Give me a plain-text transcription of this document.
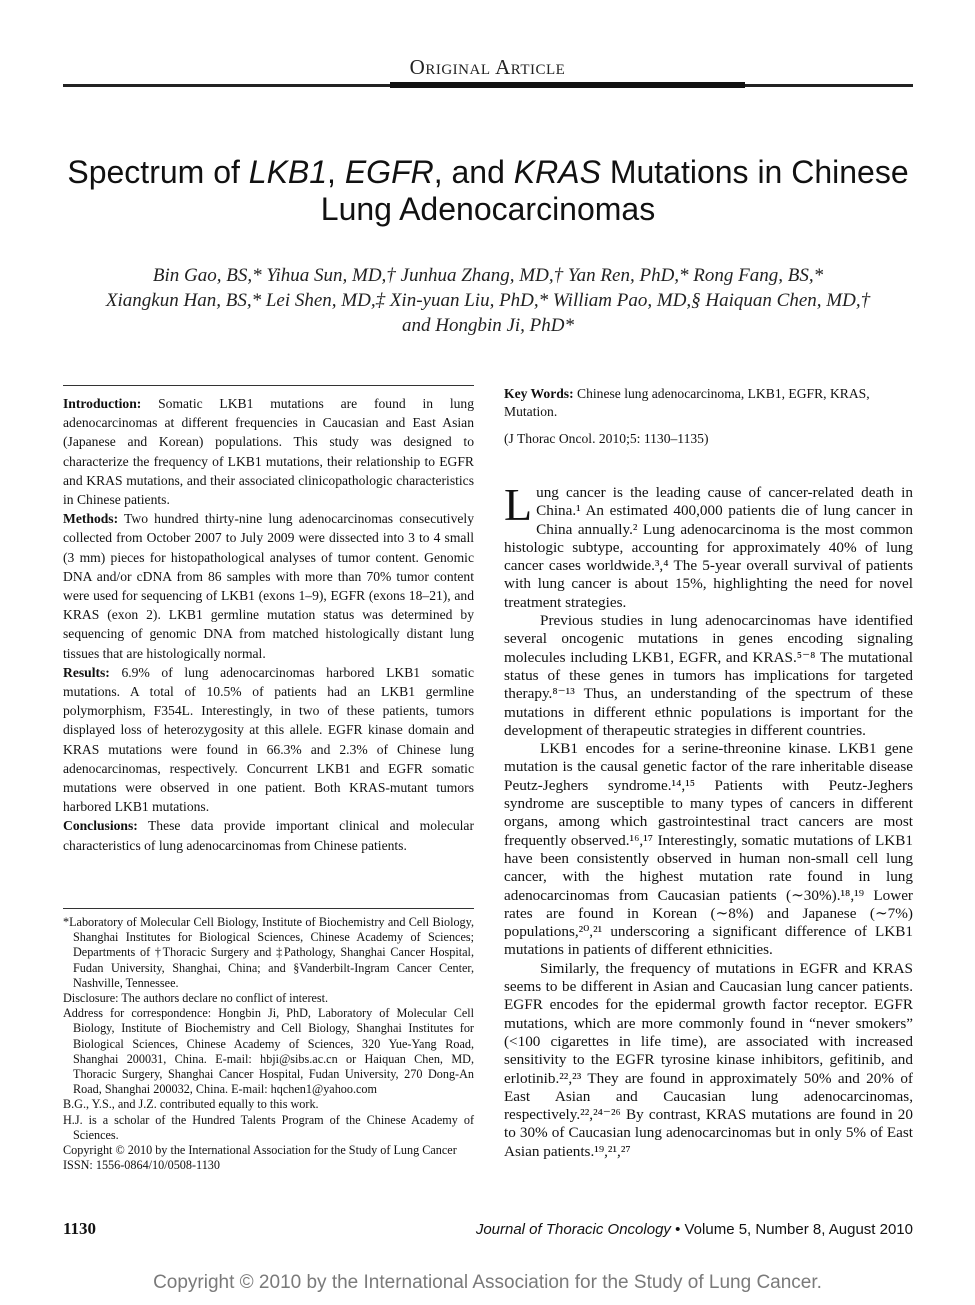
Original Article
Spectrum of LKB1, EGFR, and KRAS Mutations in Chinese
Lung Adenocarcinomas
Bin Gao, BS,* Yihua Sun, MD,† Junhua Zhang, MD,† Yan Ren, PhD,* Rong Fang, BS,*
Xiangkun Han, BS,* Lei Shen, MD,‡ Xin-yuan Liu, PhD,* William Pao, MD,§ Haiquan Chen, MD,†
and Hongbin Ji, PhD*

Introduction: Somatic LKB1 mutations are found in lung adenocarcinomas at different frequencies in Caucasian and East Asian (Japanese and Korean) populations. This study was designed to characterize the frequency of LKB1 mutations, their relationship to EGFR and KRAS mutations, and their associated clinicopathologic characteristics in Chinese patients.

Methods: Two hundred thirty-nine lung adenocarcinomas consecutively collected from October 2007 to July 2009 were dissected into 3 to 4 small (3 mm) pieces for histopathological analyses of tumor content. Genomic DNA and/or cDNA from 86 samples with more than 70% tumor content were used for sequencing of LKB1 (exons 1–9), EGFR (exons 18–21), and KRAS (exon 2). LKB1 germline mutation status was determined by sequencing of genomic DNA from matched histologically distant lung tissues that are histologically normal.

Results: 6.9% of lung adenocarcinomas harbored LKB1 somatic mutations. A total of 10.5% of patients had an LKB1 germline polymorphism, F354L. Interestingly, in two of these patients, tumors displayed loss of heterozygosity at this allele. EGFR kinase domain and KRAS mutations were found in 66.3% and 2.3% of Chinese lung adenocarcinomas, respectively. Concurrent LKB1 and EGFR somatic mutations were observed in one patient. Both KRAS-mutant tumors harbored LKB1 mutations.

Conclusions: These data provide important clinical and molecular characteristics of lung adenocarcinomas from Chinese patients.

*Laboratory of Molecular Cell Biology, Institute of Biochemistry and Cell Biology, Shanghai Institutes for Biological Sciences, Chinese Academy of Sciences; Departments of †Thoracic Surgery and ‡Pathology, Shanghai Cancer Hospital, Fudan University, Shanghai, China; and §Vanderbilt-Ingram Cancer Center, Nashville, Tennessee.

Disclosure: The authors declare no conflict of interest.

Address for correspondence: Hongbin Ji, PhD, Laboratory of Molecular Cell Biology, Institute of Biochemistry and Cell Biology, Shanghai Institutes for Biological Sciences, Chinese Academy of Sciences, 320 Yue-Yang Road, Shanghai 200031, China. E-mail: hbji@sibs.ac.cn or Haiquan Chen, MD, Thoracic Surgery, Shanghai Cancer Hospital, Fudan University, 270 Dong-An Road, Shanghai 200032, China. E-mail: hqchen1@yahoo.com

B.G., Y.S., and J.Z. contributed equally to this work.

H.J. is a scholar of the Hundred Talents Program of the Chinese Academy of Sciences.

Copyright © 2010 by the International Association for the Study of Lung Cancer

ISSN: 1556-0864/10/0508-1130

Key Words: Chinese lung adenocarcinoma, LKB1, EGFR, KRAS, Mutation.

(J Thorac Oncol. 2010;5: 1130–1135)

Lung cancer is the leading cause of cancer-related death in China.¹ An estimated 400,000 patients die of lung cancer in China annually.² Lung adenocarcinoma is the most common histologic subtype, accounting for approximately 40% of lung cancer cases worldwide.³,⁴ The 5-year overall survival of patients with lung cancer is about 15%, highlighting the need for novel treatment strategies.

Previous studies in lung adenocarcinomas have identified several oncogenic mutations in genes encoding signaling molecules including LKB1, EGFR, and KRAS.⁵⁻⁸ The mutational status of these genes in tumors has implications for targeted therapy.⁸⁻¹³ Thus, an understanding of the spectrum of these mutations in different ethnic populations is important for the development of therapeutic strategies in different countries.

LKB1 encodes for a serine-threonine kinase. LKB1 gene mutation is the causal genetic factor of the rare inheritable disease Peutz-Jeghers syndrome.¹⁴,¹⁵ Patients with Peutz-Jeghers syndrome are susceptible to many types of cancers in different organs, among which gastrointestinal tract cancers are most frequently observed.¹⁶,¹⁷ Interestingly, somatic mutations of LKB1 have been consistently observed in human non-small cell lung cancer, with the highest mutation rate found in lung adenocarcinomas from Caucasian patients (∼30%).¹⁸,¹⁹ Lower rates are found in Korean (∼8%) and Japanese (∼7%) populations,²⁰,²¹ underscoring a significant difference of LKB1 mutations in patients of different ethnicities.

Similarly, the frequency of mutations in EGFR and KRAS seems to be different in Asian and Caucasian lung cancer patients. EGFR encodes for the epidermal growth factor receptor. EGFR mutations, which are more commonly found in “never smokers” (<100 cigarettes in life time), are associated with increased sensitivity to the EGFR tyrosine kinase inhibitors, gefitinib, and erlotinib.²²,²³ They are found in approximately 50% and 20% of East Asian and Caucasian lung adenocarcinomas, respectively.²²,²⁴⁻²⁶ By contrast, KRAS mutations are found in 20 to 30% of Caucasian lung adenocarcinomas but in only 5% of East Asian patients.¹⁹,²¹,²⁷

1130	Journal of Thoracic Oncology • Volume 5, Number 8, August 2010
Copyright © 2010 by the International Association for the Study of Lung Cancer.
